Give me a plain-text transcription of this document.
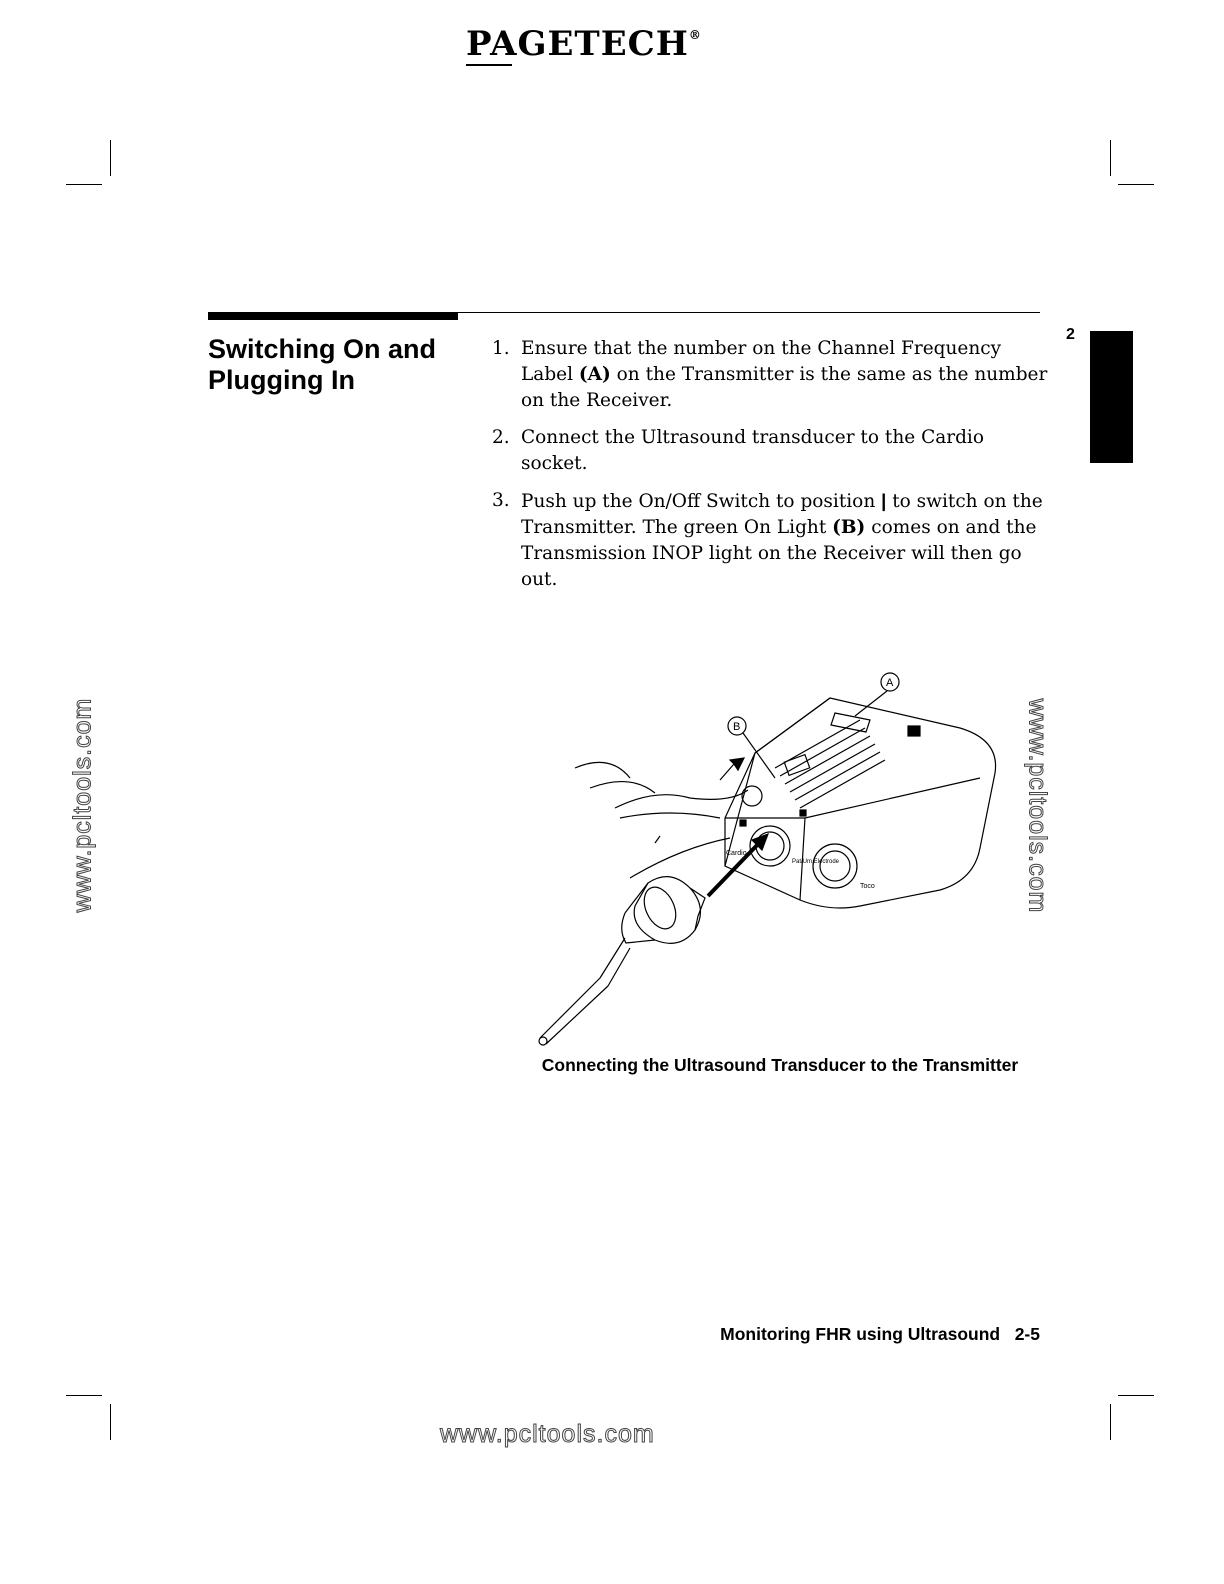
PAGETECH®
Switching On and
Plugging In
2
1. Ensure that the number on the Channel Frequency Label (A) on the Transmitter is the same as the number on the Receiver.
2. Connect the Ultrasound transducer to the Cardio socket.
3. Push up the On/Off Switch to position | to switch on the Transmitter. The green On Light (B) comes on and the Transmission INOP light on the Receiver will then go out.
Cardio
Pat/Um Electrode
Toco
B
A
Connecting the Ultrasound Transducer to the Transmitter
Monitoring FHR using Ultrasound 2-5
www.pcltools.com	www.pcltools.com
www.pcltools.com
